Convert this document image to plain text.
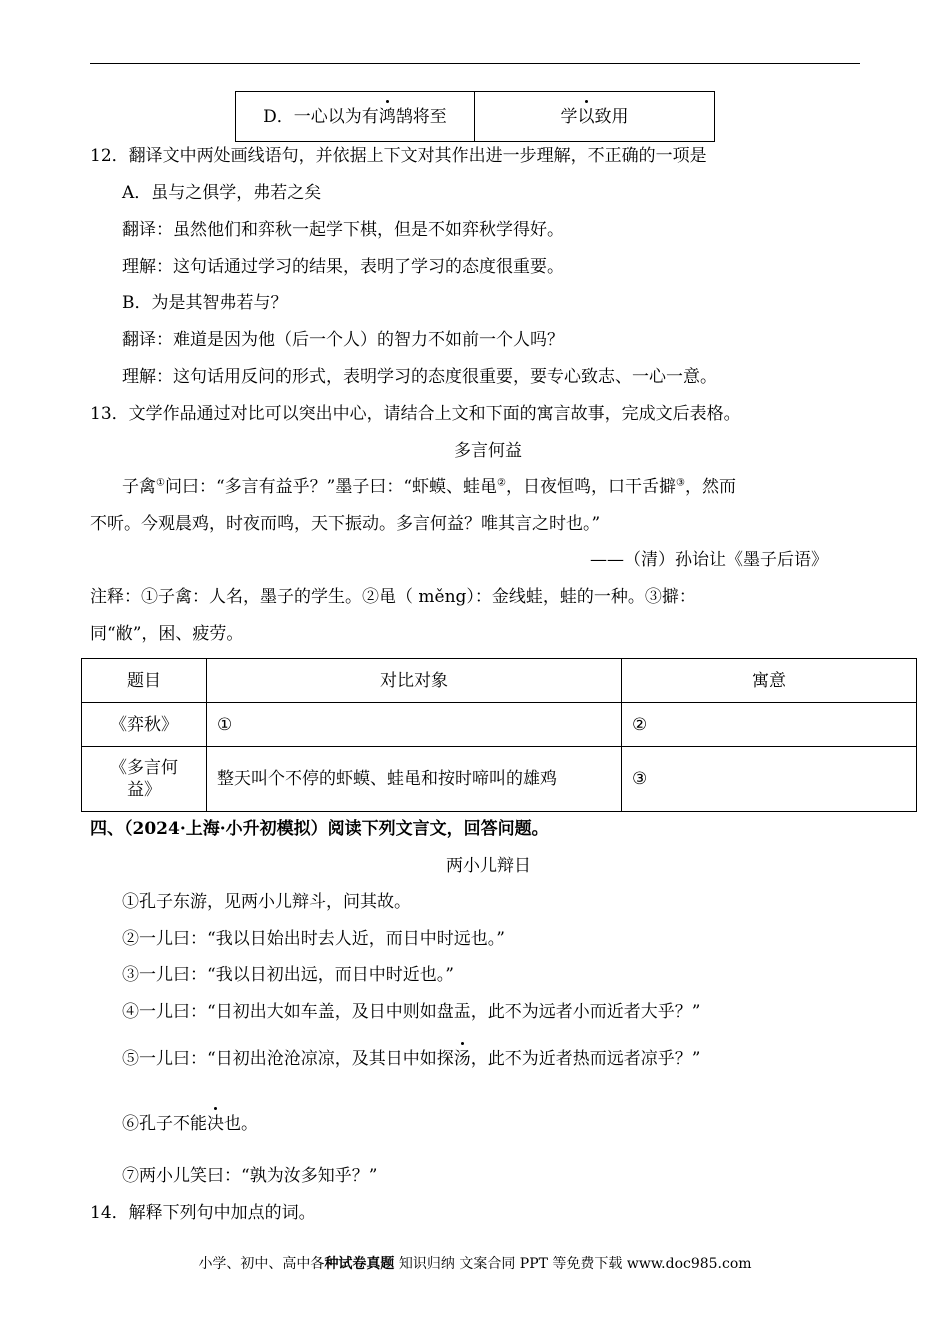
D．一心以为有鸿鹄将至	学以致用
12．翻译文中两处画线语句，并依据上下文对其作出进一步理解，不正确的一项是
A．虽与之俱学，弗若之矣
翻译：虽然他们和弈秋一起学下棋，但是不如弈秋学得好。
理解：这句话通过学习的结果，表明了学习的态度很重要。
B．为是其智弗若与？
翻译：难道是因为他（后一个人）的智力不如前一个人吗？
理解：这句话用反问的形式，表明学习的态度很重要，要专心致志、一心一意。
13．文学作品通过对比可以突出中心，请结合上文和下面的寓言故事，完成文后表格。
多言何益
子禽①问曰：“多言有益乎？”墨子曰：“虾蟆、蛙黾②，日夜恒鸣，口干舌擗③，然而
不听。今观晨鸡，时夜而鸣，天下振动。多言何益？唯其言之时也。”
——（清）孙诒让《墨子后语》
注释：①子禽：人名，墨子的学生。②黾（ měng）：金线蛙，蛙的一种。③擗：
同“敝”，困、疲劳。
题目	对比对象	寓意
《弈秋》	①	②
《多言何益》	整天叫个不停的虾蟆、蛙黾和按时啼叫的雄鸡	③
四、（2024·上海·小升初模拟）阅读下列文言文，回答问题。
两小儿辩日
①孔子东游，见两小儿辩斗，问其故。
②一儿曰：“我以日始出时去人近，而日中时远也。”
③一儿曰：“我以日初出远，而日中时近也。”
④一儿曰：“日初出大如车盖，及日中则如盘盂，此不为远者小而近者大乎？”
⑤一儿曰：“日初出沧沧凉凉，及其日中如探汤，此不为近者热而远者凉乎？”
⑥孔子不能决也。
⑦两小儿笑曰：“孰为汝多知乎？”
14．解释下列句中加点的词。
小学、初中、高中各种试卷真题 知识归纳 文案合同 PPT 等免费下载 www.doc985.com
